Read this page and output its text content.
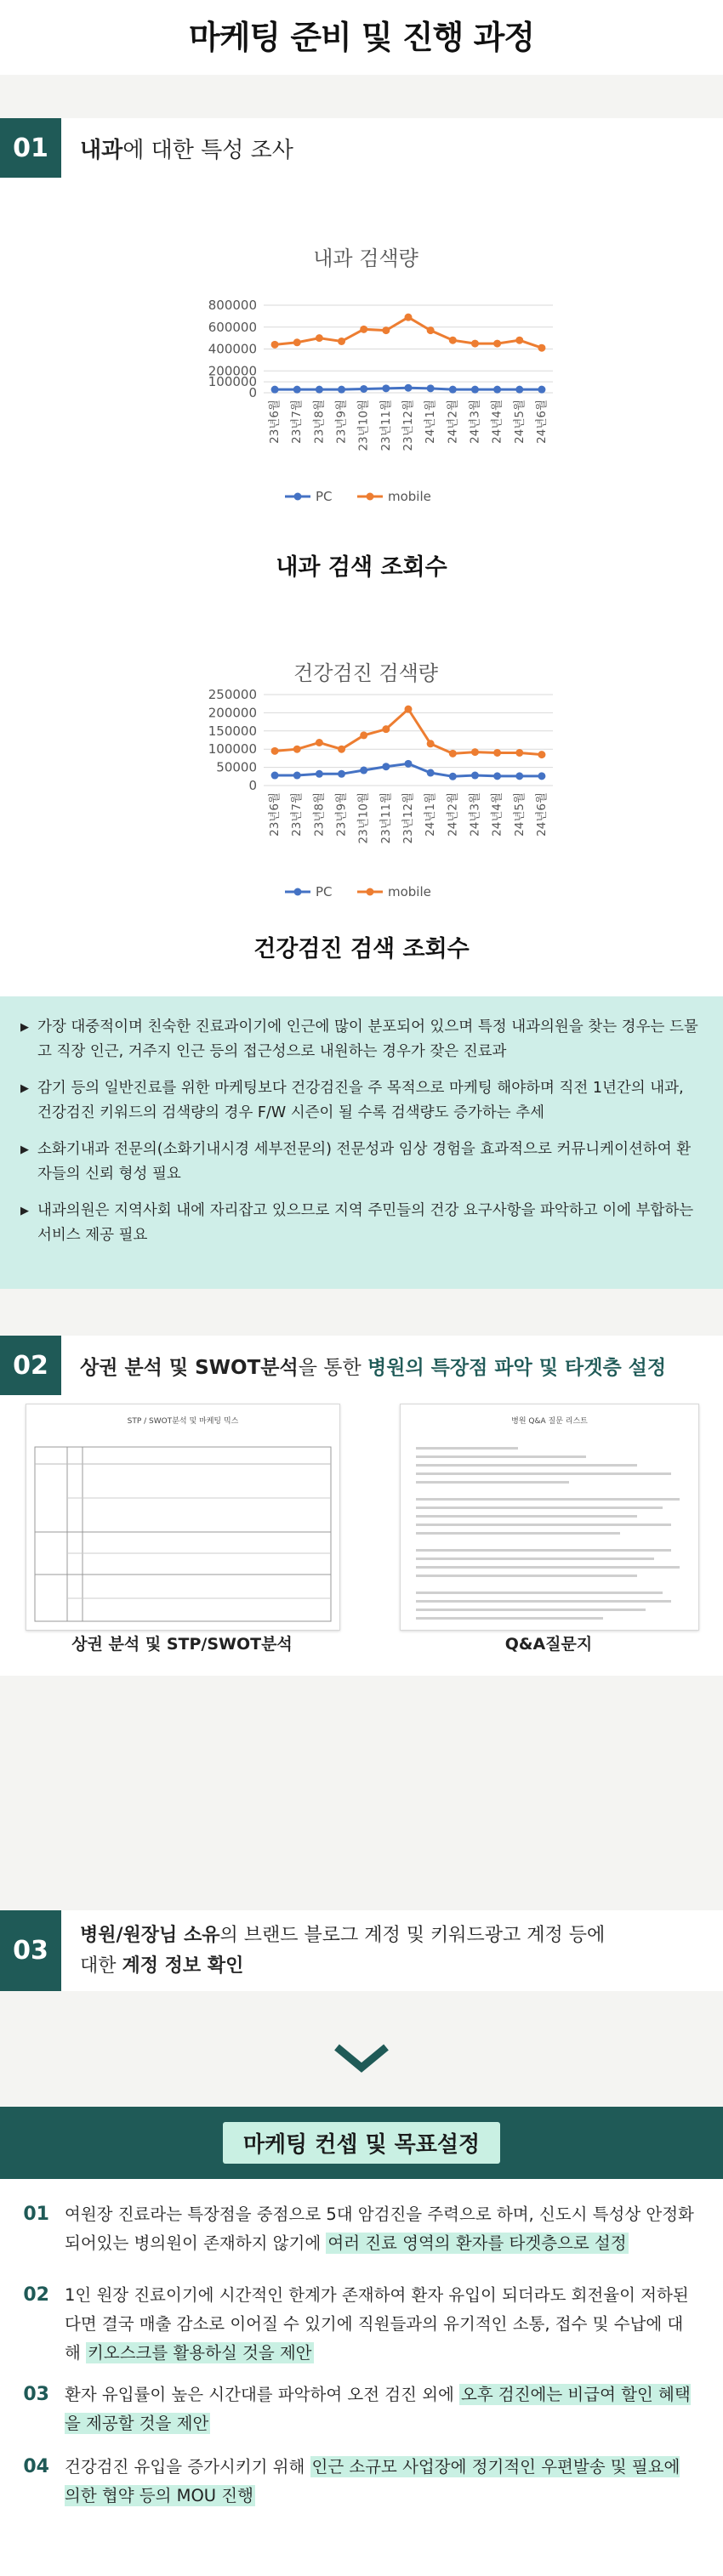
마케팅 준비 및 진행 과정
01	내과에 대한 특성 조사
내과 검색량
800000
600000
400000
200000
100000
0
23년6월 23년7월 23년8월 23년9월 23년10월 23년11월 23년12월 24년1월 24년2월 24년3월 24년4월 24년5월 24년6월
PC	mobile
내과 검색 조회수
건강검진 검색량
250000
200000
150000
100000
50000
0
23년6월 23년7월 23년8월 23년9월 23년10월 23년11월 23년12월 24년1월 24년2월 24년3월 24년4월 24년5월 24년6월
PC	mobile
건강검진 검색 조회수
▶ 가장 대중적이며 친숙한 진료과이기에 인근에 많이 분포되어 있으며 특정 내과의원을 찾는 경우는 드물고 직장 인근, 거주지 인근 등의 접근성으로 내원하는 경우가 잦은 진료과
▶ 감기 등의 일반진료를 위한 마케팅보다 건강검진을 주 목적으로 마케팅 해야하며 직전 1년간의 내과, 건강검진 키워드의 검색량의 경우 F/W 시즌이 될 수록 검색량도 증가하는 추세
▶ 소화기내과 전문의(소화기내시경 세부전문의) 전문성과 임상 경험을 효과적으로 커뮤니케이션하여 환자들의 신뢰 형성 필요
▶ 내과의원은 지역사회 내에 자리잡고 있으므로 지역 주민들의 건강 요구사항을 파악하고 이에 부합하는 서비스 제공 필요
02	상권 분석 및 SWOT분석을 통한 병원의 특장점 파악 및 타겟층 설정
STP / SWOT분석 및 마케팅 믹스
상권 분석 및 STP/SWOT분석
병원 Q&A 질문 리스트
Q&A질문지
03
병원/원장님 소유의 브랜드 블로그 계정 및 키워드광고 계정 등에
대한 계정 정보 확인
마케팅 컨셉 및 목표설정
01 여원장 진료라는 특장점을 중점으로 5대 암검진을 주력으로 하며, 신도시 특성상 안정화 되어있는 병의원이 존재하지 않기에 여러 진료 영역의 환자를 타겟층으로 설정
02 1인 원장 진료이기에 시간적인 한계가 존재하여 환자 유입이 되더라도 회전율이 저하된다면 결국 매출 감소로 이어질 수 있기에 직원들과의 유기적인 소통, 접수 및 수납에 대해 키오스크를 활용하실 것을 제안
03 환자 유입률이 높은 시간대를 파악하여 오전 검진 외에 오후 검진에는 비급여 할인 혜택을 제공할 것을 제안
04 건강검진 유입을 증가시키기 위해 인근 소규모 사업장에 정기적인 우편발송 및 필요에 의한 협약 등의 MOU 진행
